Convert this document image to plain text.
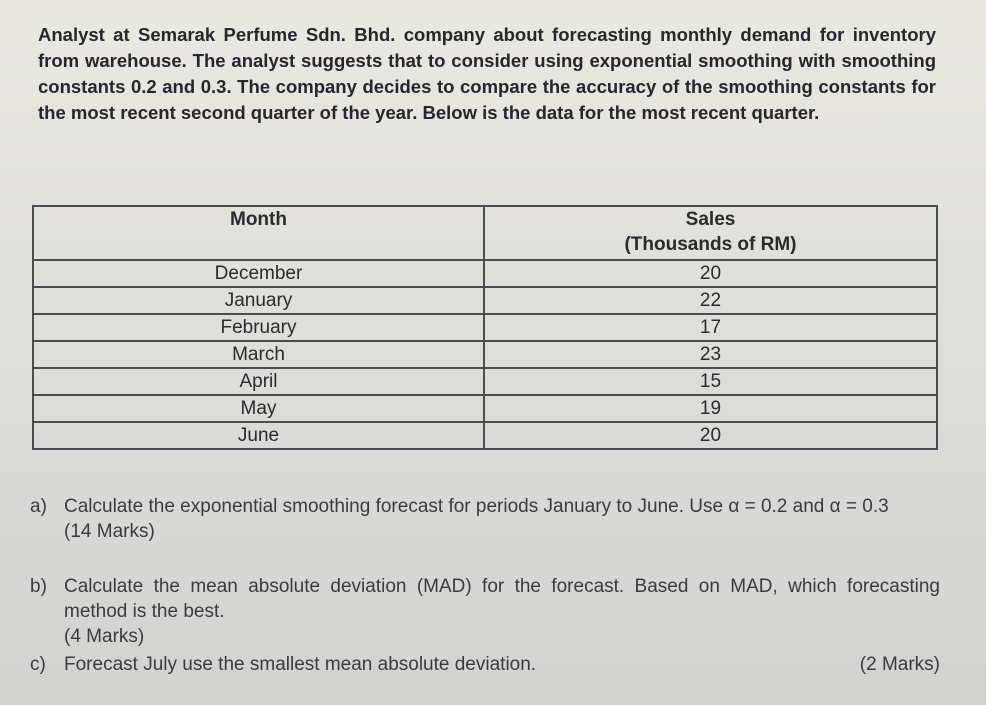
Analyst at Semarak Perfume Sdn. Bhd. company about forecasting monthly demand for inventory from warehouse. The analyst suggests that to consider using exponential smoothing with smoothing constants 0.2 and 0.3. The company decides to compare the accuracy of the smoothing constants for the most recent second quarter of the year. Below is the data for the most recent quarter.
Month	Sales
(Thousands of RM)

December	20
January	22
February	17
March	23
April	15
May	19
June	20
a) Calculate the exponential smoothing forecast for periods January to June. Use α = 0.2 and α = 0.3
(14 Marks)
b) Calculate the mean absolute deviation (MAD) for the forecast. Based on MAD, which forecasting method is the best.
(4 Marks)
c) Forecast July use the smallest mean absolute deviation.	(2 Marks)
